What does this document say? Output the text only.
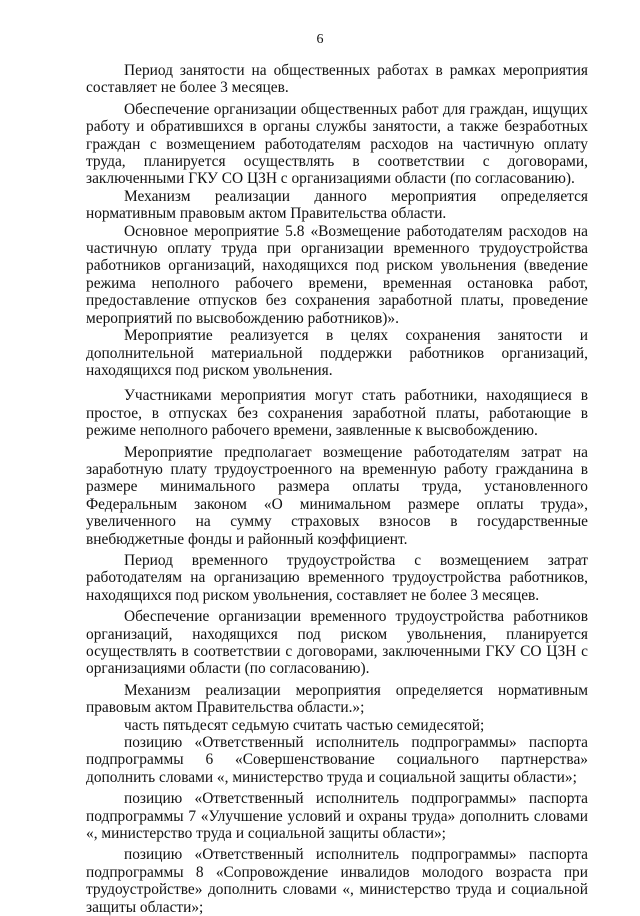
6

Период занятости на общественных работах в рамках мероприятия составляет не более 3 месяцев.

Обеспечение организации общественных работ для граждан, ищущих работу и обратившихся в органы службы занятости, а также безработных граждан с возмещением работодателям расходов на частичную оплату труда, планируется осуществлять в соответствии с договорами, заключенными ГКУ СО ЦЗН с организациями области (по согласованию).

Механизм реализации данного мероприятия определяется нормативным правовым актом Правительства области.

Основное мероприятие 5.8 «Возмещение работодателям расходов на частичную оплату труда при организации временного трудоустройства работников организаций, находящихся под риском увольнения (введение режима неполного рабочего времени, временная остановка работ, предоставление отпусков без сохранения заработной платы, проведение мероприятий по высвобождению работников)».

Мероприятие реализуется в целях сохранения занятости и дополнительной материальной поддержки работников организаций, находящихся под риском увольнения.

Участниками мероприятия могут стать работники, находящиеся в простое, в отпусках без сохранения заработной платы, работающие в режиме неполного рабочего времени, заявленные к высвобождению.

Мероприятие предполагает возмещение работодателям затрат на заработную плату трудоустроенного на временную работу гражданина в размере минимального размера оплаты труда, установленного Федеральным законом «О минимальном размере оплаты труда», увеличенного на сумму страховых взносов в государственные внебюджетные фонды и районный коэффициент.

Период временного трудоустройства с возмещением затрат работодателям на организацию временного трудоустройства работников, находящихся под риском увольнения, составляет не более 3 месяцев.

Обеспечение организации временного трудоустройства работников организаций, находящихся под риском увольнения, планируется осуществлять в соответствии с договорами, заключенными ГКУ СО ЦЗН с организациями области (по согласованию).

Механизм реализации мероприятия определяется нормативным правовым актом Правительства области.»;

часть пятьдесят седьмую считать частью семидесятой;

позицию «Ответственный исполнитель подпрограммы» паспорта подпрограммы 6 «Совершенствование социального партнерства» дополнить словами «, министерство труда и социальной защиты области»;

позицию «Ответственный исполнитель подпрограммы» паспорта подпрограммы 7 «Улучшение условий и охраны труда» дополнить словами «, министерство труда и социальной защиты области»;

позицию «Ответственный исполнитель подпрограммы» паспорта подпрограммы 8 «Сопровождение инвалидов молодого возраста при трудоустройстве» дополнить словами «, министерство труда и социальной защиты области»;
